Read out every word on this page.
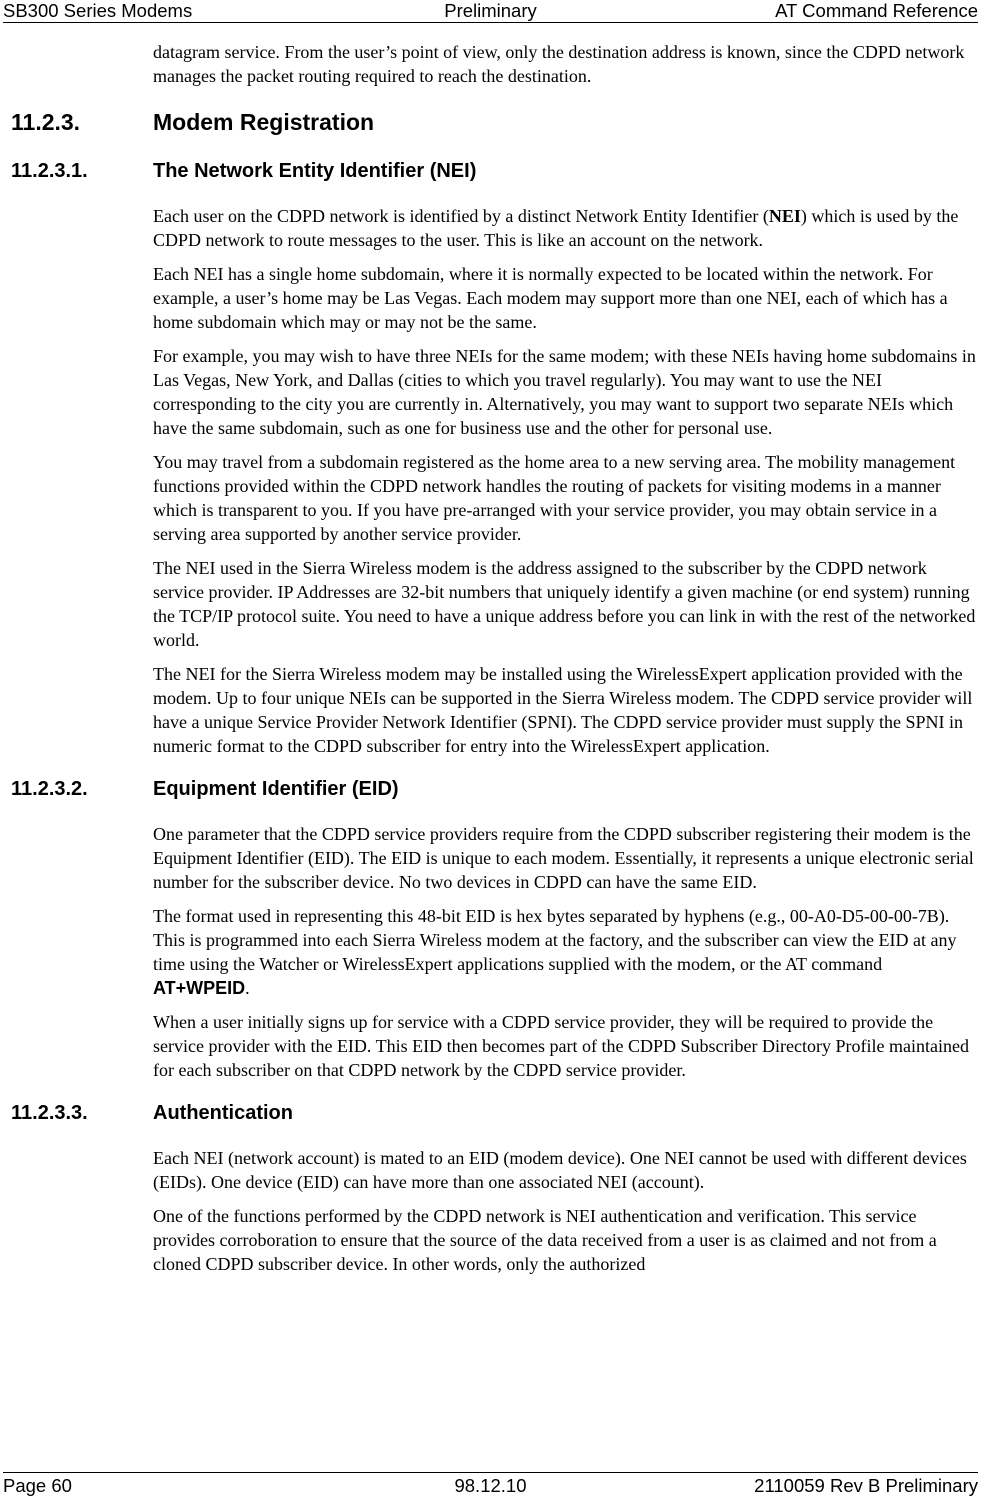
SB300 Series Modems	Preliminary	AT Command Reference

datagram service. From the user’s point of view, only the destination address is known, since the CDPD network manages the packet routing required to reach the destination.

11.2.3.	Modem Registration
11.2.3.1.	The Network Entity Identifier (NEI)

Each user on the CDPD network is identified by a distinct Network Entity Identifier (NEI) which is used by the CDPD network to route messages to the user. This is like an account on the network.

Each NEI has a single home subdomain, where it is normally expected to be located within the network. For example, a user’s home may be Las Vegas. Each modem may support more than one NEI, each of which has a home subdomain which may or may not be the same.

For example, you may wish to have three NEIs for the same modem; with these NEIs having home subdomains in Las Vegas, New York, and Dallas (cities to which you travel regularly). You may want to use the NEI corresponding to the city you are currently in. Alternatively, you may want to support two separate NEIs which have the same subdomain, such as one for business use and the other for personal use.

You may travel from a subdomain registered as the home area to a new serving area. The mobility management functions provided within the CDPD network handles the routing of packets for visiting modems in a manner which is transparent to you. If you have pre-arranged with your service provider, you may obtain service in a serving area supported by another service provider.

The NEI used in the Sierra Wireless modem is the address assigned to the subscriber by the CDPD network service provider. IP Addresses are 32-bit numbers that uniquely identify a given machine (or end system) running the TCP/IP protocol suite. You need to have a unique address before you can link in with the rest of the networked world.

The NEI for the Sierra Wireless modem may be installed using the WirelessExpert application provided with the modem. Up to four unique NEIs can be supported in the Sierra Wireless modem. The CDPD service provider will have a unique Service Provider Network Identifier (SPNI). The CDPD service provider must supply the SPNI in numeric format to the CDPD subscriber for entry into the WirelessExpert application.

11.2.3.2.	Equipment Identifier (EID)

One parameter that the CDPD service providers require from the CDPD subscriber registering their modem is the Equipment Identifier (EID). The EID is unique to each modem. Essentially, it represents a unique electronic serial number for the subscriber device. No two devices in CDPD can have the same EID.

The format used in representing this 48-bit EID is hex bytes separated by hyphens (e.g., 00-A0-D5-00-00-7B). This is programmed into each Sierra Wireless modem at the factory, and the subscriber can view the EID at any time using the Watcher or WirelessExpert applications supplied with the modem, or the AT command AT+WPEID.

When a user initially signs up for service with a CDPD service provider, they will be required to provide the service provider with the EID. This EID then becomes part of the CDPD Subscriber Directory Profile maintained for each subscriber on that CDPD network by the CDPD service provider.

11.2.3.3.	Authentication

Each NEI (network account) is mated to an EID (modem device). One NEI cannot be used with different devices (EIDs). One device (EID) can have more than one associated NEI (account).

One of the functions performed by the CDPD network is NEI authentication and verification. This service provides corroboration to ensure that the source of the data received from a user is as claimed and not from a cloned CDPD subscriber device. In other words, only the authorized

Page 60	98.12.10	2110059 Rev B Preliminary
